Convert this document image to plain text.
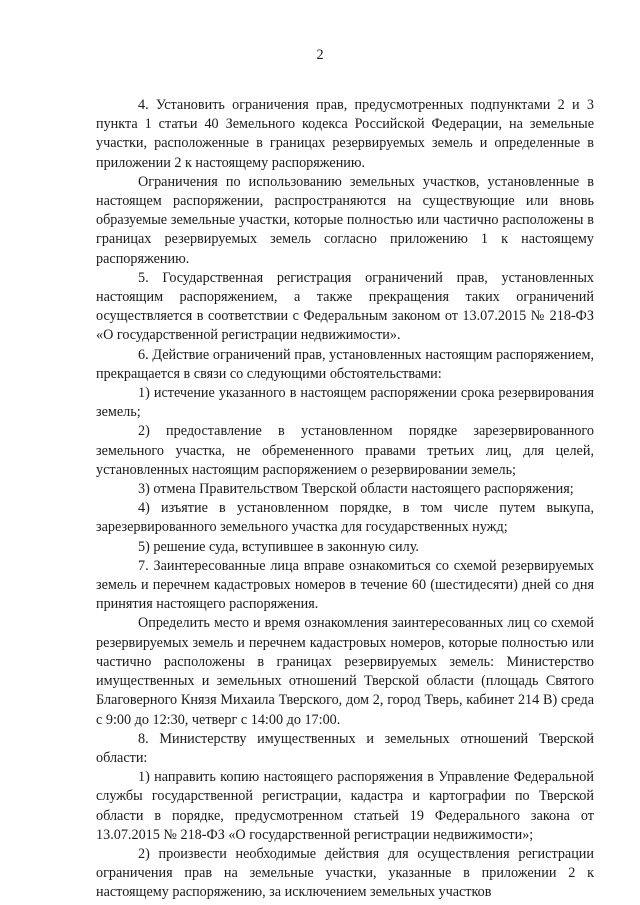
2

4. Установить ограничения прав, предусмотренных подпунктами 2 и 3 пункта 1 статьи 40 Земельного кодекса Российской Федерации, на земельные участки, расположенные в границах резервируемых земель и определенные в приложении 2 к настоящему распоряжению.

Ограничения по использованию земельных участков, установленные в настоящем распоряжении, распространяются на существующие или вновь образуемые земельные участки, которые полностью или частично расположены в границах резервируемых земель согласно приложению 1 к настоящему распоряжению.

5. Государственная регистрация ограничений прав, установленных настоящим распоряжением, а также прекращения таких ограничений осуществляется в соответствии с Федеральным законом от 13.07.2015 № 218-ФЗ «О государственной регистрации недвижимости».

6. Действие ограничений прав, установленных настоящим распоряжением, прекращается в связи со следующими обстоятельствами:

1) истечение указанного в настоящем распоряжении срока резервирования земель;

2) предоставление в установленном порядке зарезервированного земельного участка, не обремененного правами третьих лиц, для целей, установленных настоящим распоряжением о резервировании земель;

3) отмена Правительством Тверской области настоящего распоряжения;

4) изъятие в установленном порядке, в том числе путем выкупа, зарезервированного земельного участка для государственных нужд;

5) решение суда, вступившее в законную силу.

7. Заинтересованные лица вправе ознакомиться со схемой резервируемых земель и перечнем кадастровых номеров в течение 60 (шестидесяти) дней со дня принятия настоящего распоряжения.

Определить место и время ознакомления заинтересованных лиц со схемой резервируемых земель и перечнем кадастровых номеров, которые полностью или частично расположены в границах резервируемых земель: Министерство имущественных и земельных отношений Тверской области (площадь Святого Благоверного Князя Михаила Тверского, дом 2, город Тверь, кабинет 214 В) среда с 9:00 до 12:30, четверг с 14:00 до 17:00.

8. Министерству имущественных и земельных отношений Тверской области:

1) направить копию настоящего распоряжения в Управление Федеральной службы государственной регистрации, кадастра и картографии по Тверской области в порядке, предусмотренном статьей 19 Федерального закона от 13.07.2015 № 218-ФЗ «О государственной регистрации недвижимости»;

2) произвести необходимые действия для осуществления регистрации ограничения прав на земельные участки, указанные в приложении 2 к настоящему распоряжению, за исключением земельных участков
